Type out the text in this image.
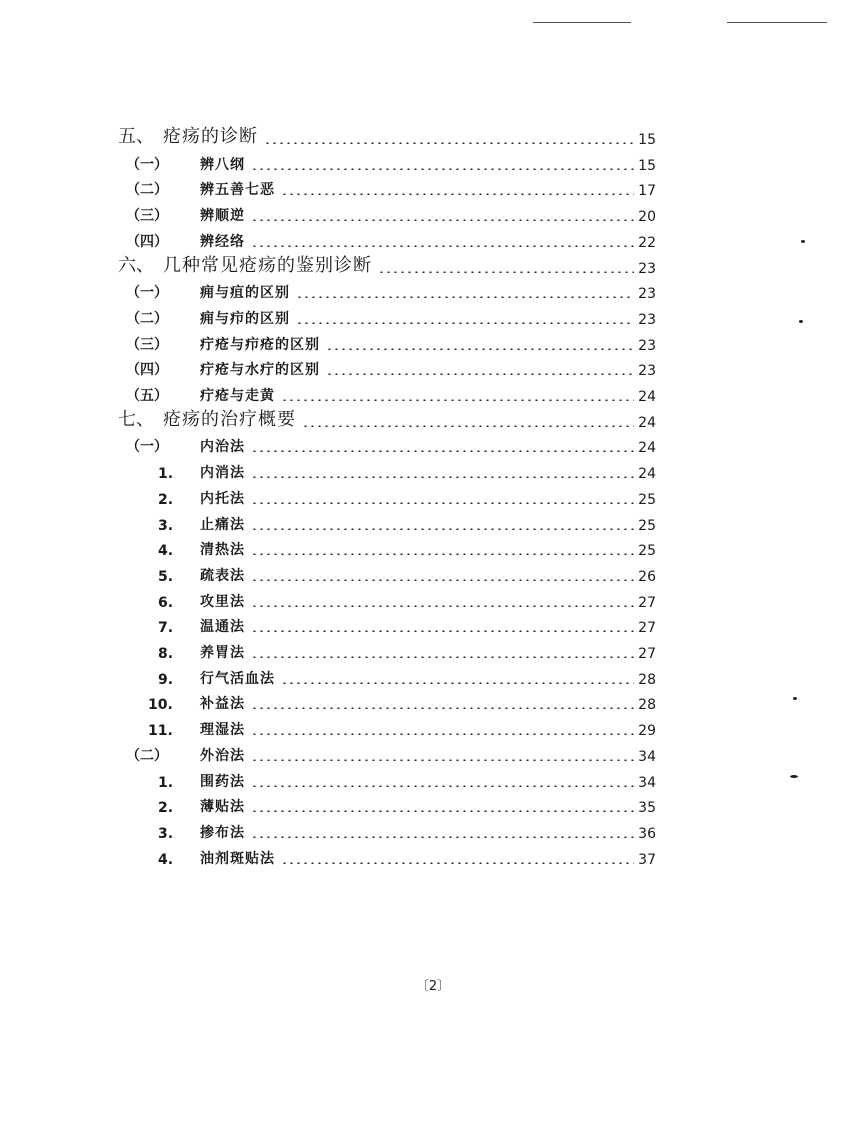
五、 疮疡的诊断	15
（一） 辨八纲	15
（二） 辨五善七恶	17
（三） 辨顺逆	20
（四） 辨经络	22
六、 几种常见疮疡的鉴别诊断	23
（一） 痈与疽的区别	23
（二） 痈与疖的区别	23
（三） 疔疮与疖疮的区别	23
（四） 疔疮与水疔的区别	23
（五） 疔疮与走黄	24
七、 疮疡的治疗概要	24
（一） 内治法	24
1. 内消法	24
2. 内托法	25
3. 止痛法	25
4. 清热法	25
5. 疏表法	26
6. 攻里法	27
7. 温通法	27
8. 养胃法	27
9. 行气活血法	28
10. 补益法	28
11. 理湿法	29
（二） 外治法	34
1. 围药法	34
2. 薄贴法	35
3. 掺布法	36
4. 油剂斑贴法	37
〔2〕
